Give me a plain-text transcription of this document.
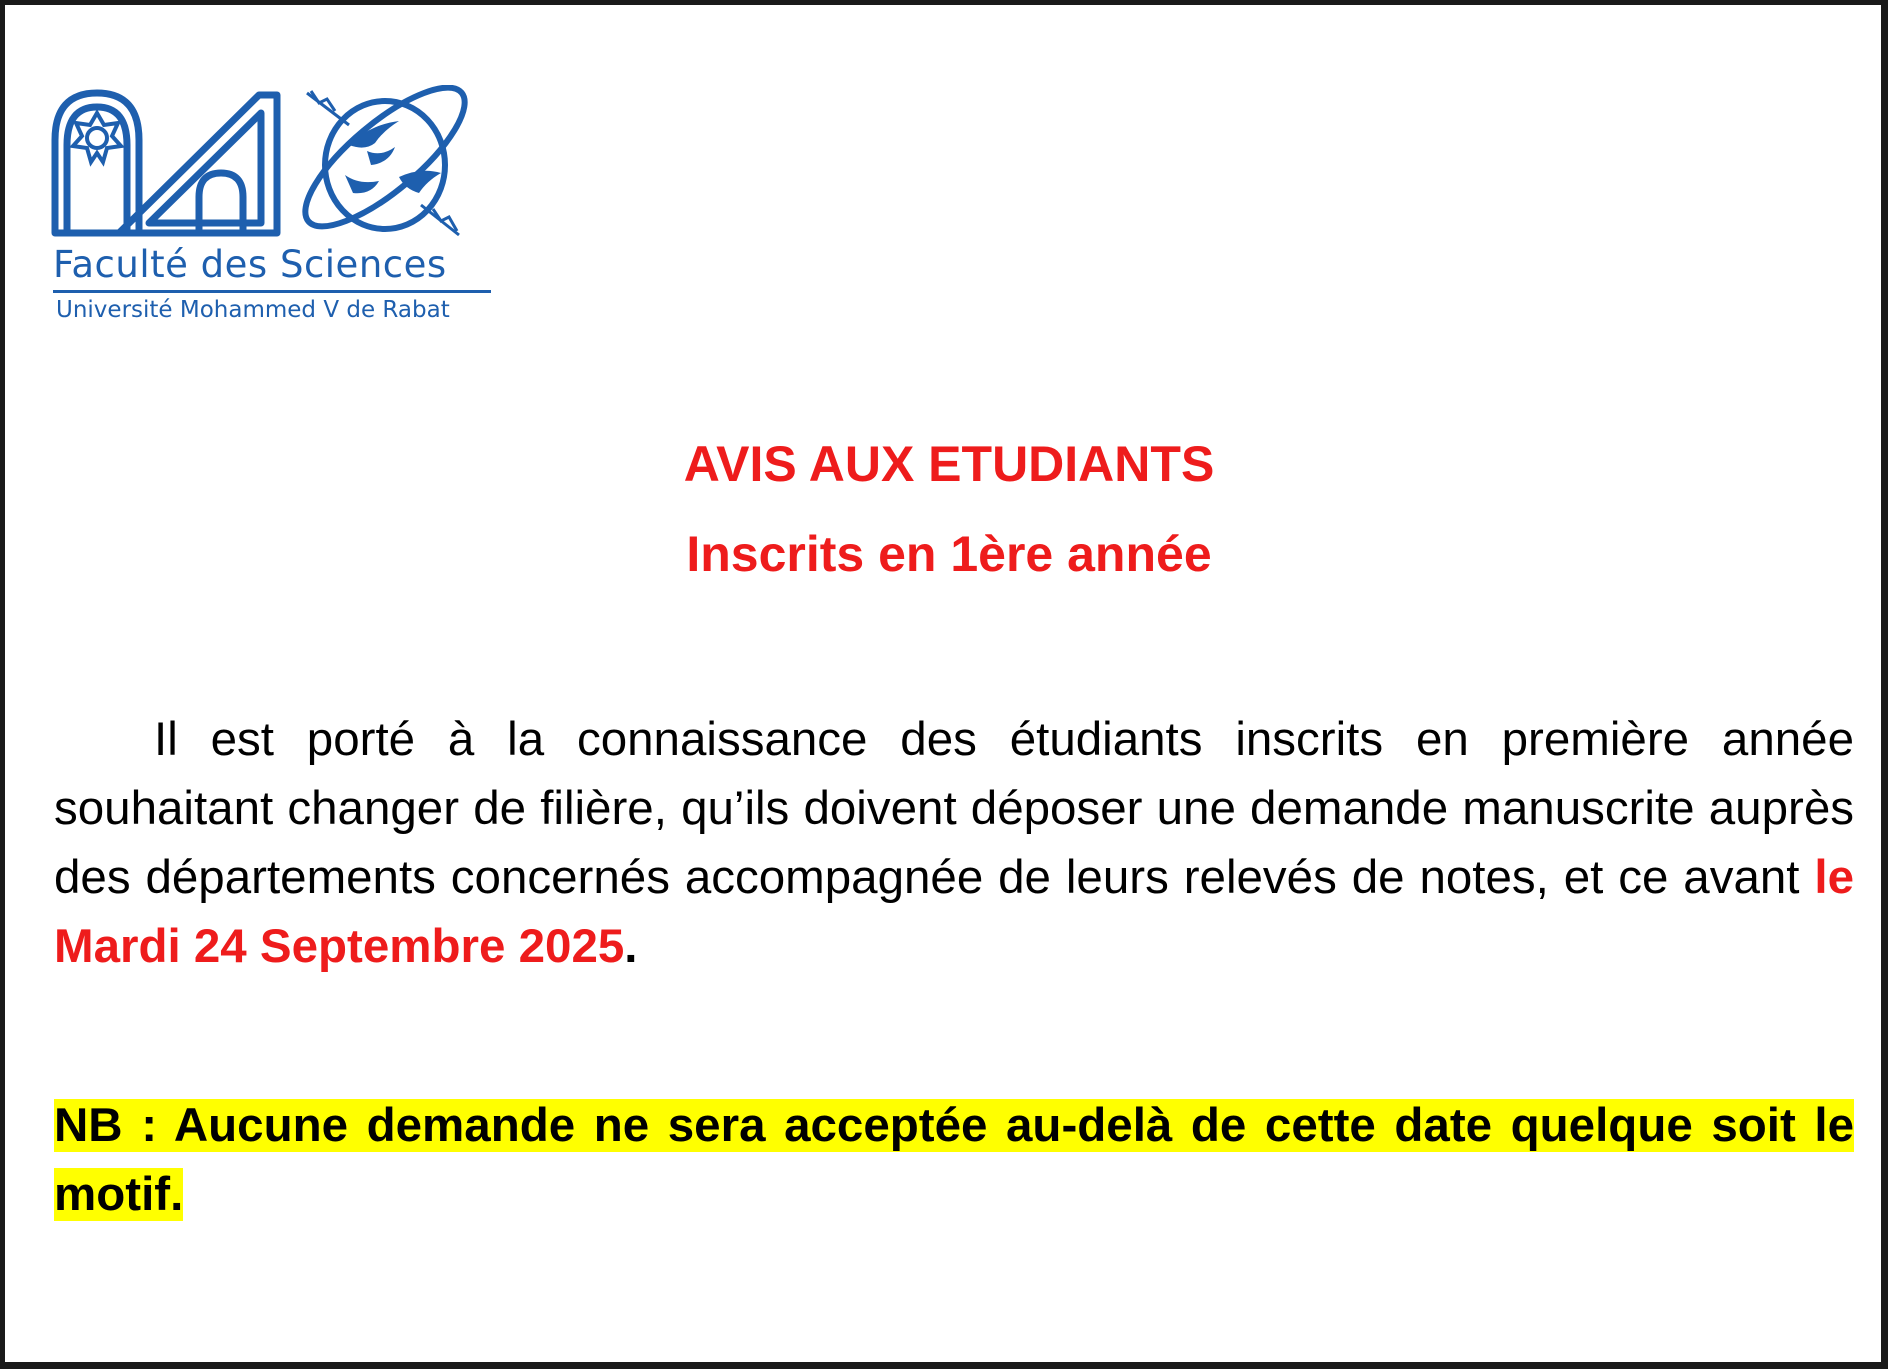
Faculté des Sciences
Université Mohammed V de Rabat
AVIS AUX ETUDIANTS
Inscrits en 1ère année
Il est porté à la connaissance des étudiants inscrits en première année souhaitant changer de filière, qu’ils doivent déposer une demande manuscrite auprès des départements concernés accompagnée de leurs relevés de notes, et ce avant le Mardi 24 Septembre 2025.
NB : Aucune demande ne sera acceptée au-delà de cette date quelque soit le motif.
